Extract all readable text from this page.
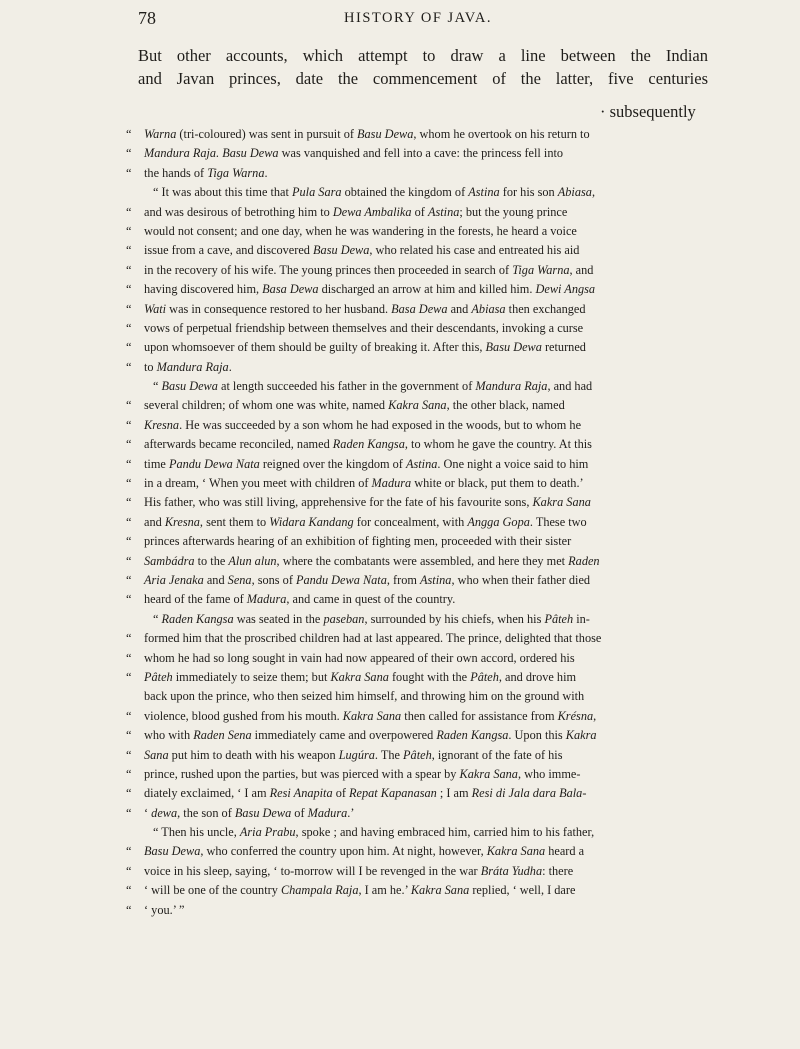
78	HISTORY OF JAVA.
But other accounts, which attempt to draw a line between the Indian
and Javan princes, date the commencement of the latter, five centuries
· subsequently
“ Warna (tri-coloured) was sent in pursuit of Basu Dewa, whom he overtook on his return to
“ Mandura Raja. Basu Dewa was vanquished and fell into a cave: the princess fell into
“ the hands of Tiga Warna.
“ It was about this time that Pula Sara obtained the kingdom of Astina for his son Abiasa,
“ and was desirous of betrothing him to Dewa Ambalika of Astina; but the young prince
“ would not consent; and one day, when he was wandering in the forests, he heard a voice
“ issue from a cave, and discovered Basu Dewa, who related his case and entreated his aid
“ in the recovery of his wife. The young princes then proceeded in search of Tiga Warna, and
“ having discovered him, Basa Dewa discharged an arrow at him and killed him. Dewi Angsa
“ Wati was in consequence restored to her husband. Basa Dewa and Abiasa then exchanged
“ vows of perpetual friendship between themselves and their descendants, invoking a curse
“ upon whomsoever of them should be guilty of breaking it. After this, Basu Dewa returned
“ to Mandura Raja.
“ Basu Dewa at length succeeded his father in the government of Mandura Raja, and had
“ several children; of whom one was white, named Kakra Sana, the other black, named
“ Kresna. He was succeeded by a son whom he had exposed in the woods, but to whom he
“ afterwards became reconciled, named Raden Kangsa, to whom he gave the country. At this
“ time Pandu Dewa Nata reigned over the kingdom of Astina. One night a voice said to him
“ in a dream, ‘ When you meet with children of Madura white or black, put them to death.’
“ His father, who was still living, apprehensive for the fate of his favourite sons, Kakra Sana
“ and Kresna, sent them to Widara Kandang for concealment, with Angga Gopa. These two
“ princes afterwards hearing of an exhibition of fighting men, proceeded with their sister
“ Sambádra to the Alun alun, where the combatants were assembled, and here they met Raden
“ Aria Jenaka and Sena, sons of Pandu Dewa Nata, from Astina, who when their father died
“ heard of the fame of Madura, and came in quest of the country.
“ Raden Kangsa was seated in the paseban, surrounded by his chiefs, when his Pâteh in-
“ formed him that the proscribed children had at last appeared. The prince, delighted that those
“ whom he had so long sought in vain had now appeared of their own accord, ordered his
“ Pâteh immediately to seize them; but Kakra Sana fought with the Pâteh, and drove him
back upon the prince, who then seized him himself, and throwing him on the ground with
“ violence, blood gushed from his mouth. Kakra Sana then called for assistance from Krésna,
“ who with Raden Sena immediately came and overpowered Raden Kangsa. Upon this Kakra
“ Sana put him to death with his weapon Lugúra. The Pâteh, ignorant of the fate of his
“ prince, rushed upon the parties, but was pierced with a spear by Kakra Sana, who imme-
“ diately exclaimed, ‘ I am Resi Anapita of Repat Kapanasan ; I am Resi di Jala dara Bala-
“ ‘ dewa, the son of Basu Dewa of Madura.’
“ Then his uncle, Aria Prabu, spoke ; and having embraced him, carried him to his father,
“ Basu Dewa, who conferred the country upon him. At night, however, Kakra Sana heard a
“ voice in his sleep, saying, ‘ to-morrow will I be revenged in the war Bráta Yudha: there
“ ‘ will be one of the country Champala Raja, I am he.’ Kakra Sana replied, ‘ well, I dare
“ ‘ you.’ ”
